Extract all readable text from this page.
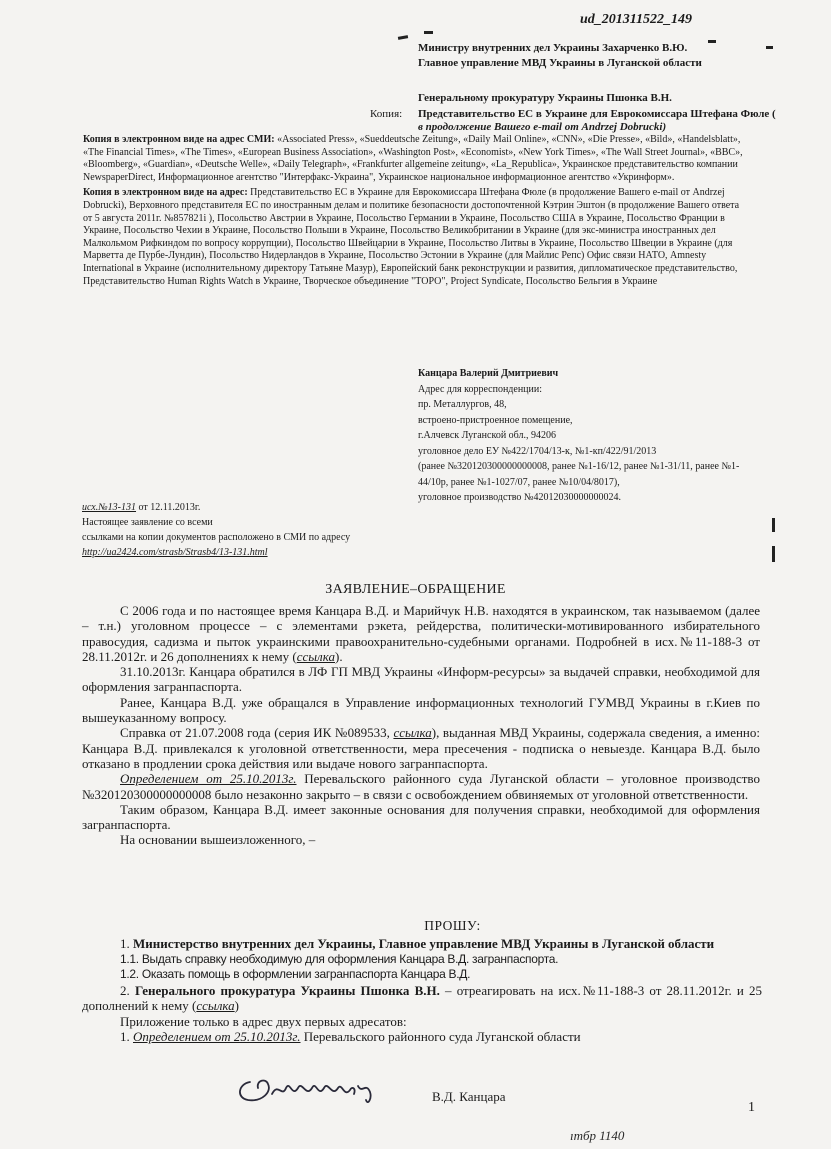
ud_201311522_149
Министру внутренних дел Украины Захарченко В.Ю.
Главное управление МВД Украины в Луганской области
Генеральному прокуратуру Украины Пшонка В.Н.
Копия: Представительство ЕС в Украине для Еврокомиссара Штефана Фюле (
в продолжение Вашего e-mail от Andrzej Dobrucki)
Копия в электронном виде на адрес СМИ: «Associated Press», «Sueddeutsche Zeitung», «Daily Mail Online», «CNN», «Die Presse», «Bild», «Handelsblatt», «The Financial Times», «The Times», «European Business Association», «Washington Post», «Economist», «New York Times», «The Wall Street Journal», «BBC», «Bloomberg», «Guardian», «Deutsche Welle», «Daily Telegraph», «Frankfurter allgemeine zeitung», «La_Republica», Украинское представительство компании NewspaperDirect, Информационное агентство "Интерфакс-Украина", Украинское национальное информационное агентство «Укринформ».
Копия в электронном виде на адрес: Представительство ЕС в Украине для Еврокомиссара Штефана Фюле (в продолжение Вашего e-mail от Andrzej Dobrucki), Верховного представителя ЕС по иностранным делам и политике безопасности достопочтенной Кэтрин Эштон (в продолжение Вашего ответа от 5 августа 2011г. №857821i ), Посольство Австрии в Украине, Посольство Германии в Украине, Посольство США в Украине, Посольство Франции в Украине, Посольство Чехии в Украине, Посольство Польши в Украине, Посольство Великобритании в Украине (для экс-министра иностранных дел Малкольмом Рифкиндом по вопросу коррупции), Посольство Швейцарии в Украине, Посольство Литвы в Украине, Посольство Швеции в Украине (для Марветта де Пурбе-Лундин), Посольство Нидерландов в Украине, Посольство Эстонии в Украине (для Майлис Репс) Офис связи НАТО, Amnesty International в Украине (исполнительному директору Татьяне Мазур), Европейский банк реконструкции и развития, дипломатическое представительство, Представительство Human Rights Watch в Украине, Творческое объединение "ТОРО", Project Syndicate, Посольство Бельгия в Украине
Канцара Валерий Дмитриевич
Адрес для корреспонденции:
пр. Металлургов, 48,
встроено-пристроенное помещение,
г.Алчевск Луганской обл., 94206
уголовное дело ЕУ №422/1704/13-к, №1-кп/422/91/2013
(ранее №320120300000000008, ранее №1-16/12, ранее №1-31/11, ранее №1-
44/10р, ранее №1-1027/07, ранее №10/04/8017),
уголовное производство №42012030000000024.
исх.№13-131 от 12.11.2013г.
Настоящее заявление со всеми
ссылками на копии документов расположено в СМИ по адресу
http://ua2424.com/strasb/Strasb4/13-131.html
ЗАЯВЛЕНИЕ–ОБРАЩЕНИЕ

С 2006 года и по настоящее время Канцара В.Д. и Марийчук Н.В. находятся в украинском, так называемом (далее – т.н.) уголовном процессе – с элементами рэкета, рейдерства, политически-мотивированного избирательного правосудия, садизма и пыток украинскими правоохранительно-судебными органами. Подробней в исх.№11-188-3 от 28.11.2012г. и 26 дополнениях к нему (ссылка).

31.10.2013г. Канцара обратился в ЛФ ГП МВД Украины «Информ-ресурсы» за выдачей справки, необходимой для оформления загранпаспорта.

Ранее, Канцара В.Д. уже обращался в Управление информационных технологий ГУМВД Украины в г.Киев по вышеуказанному вопросу.

Справка от 21.07.2008 года (серия ИК №089533, ссылка), выданная МВД Украины, содержала сведения, а именно: Канцара В.Д. привлекался к уголовной ответственности, мера пресечения - подписка о невыезде. Канцара В.Д. было отказано в продлении срока действия или выдаче нового загранпаспорта.

Определением от 25.10.2013г. Перевальского районного суда Луганской области – уголовное производство №320120300000000008 было незаконно закрыто – в связи с освобождением обвиняемых от уголовной ответственности.

Таким образом, Канцара В.Д. имеет законные основания для получения справки, необходимой для оформления загранпаспорта.

На основании вышеизложенного, –

ПРОШУ:

1. Министерство внутренних дел Украины, Главное управление МВД Украины в Луганской области

1.1. Выдать справку необходимую для оформления Канцара В.Д. загранпаспорта.

1.2. Оказать помощь в оформлении загранпаспорта Канцара В.Д.

2. Генерального прокуратура Украины Пшонка В.Н. – отреагировать на исх.№11-188-3 от 28.11.2012г. и 25 дополнений к нему (ссылка)

Приложение только в адрес двух первых адресатов:

1. Определением от 25.10.2013г. Перевальского районного суда Луганской области

В.Д. Канцара
1
ımбp 1140
